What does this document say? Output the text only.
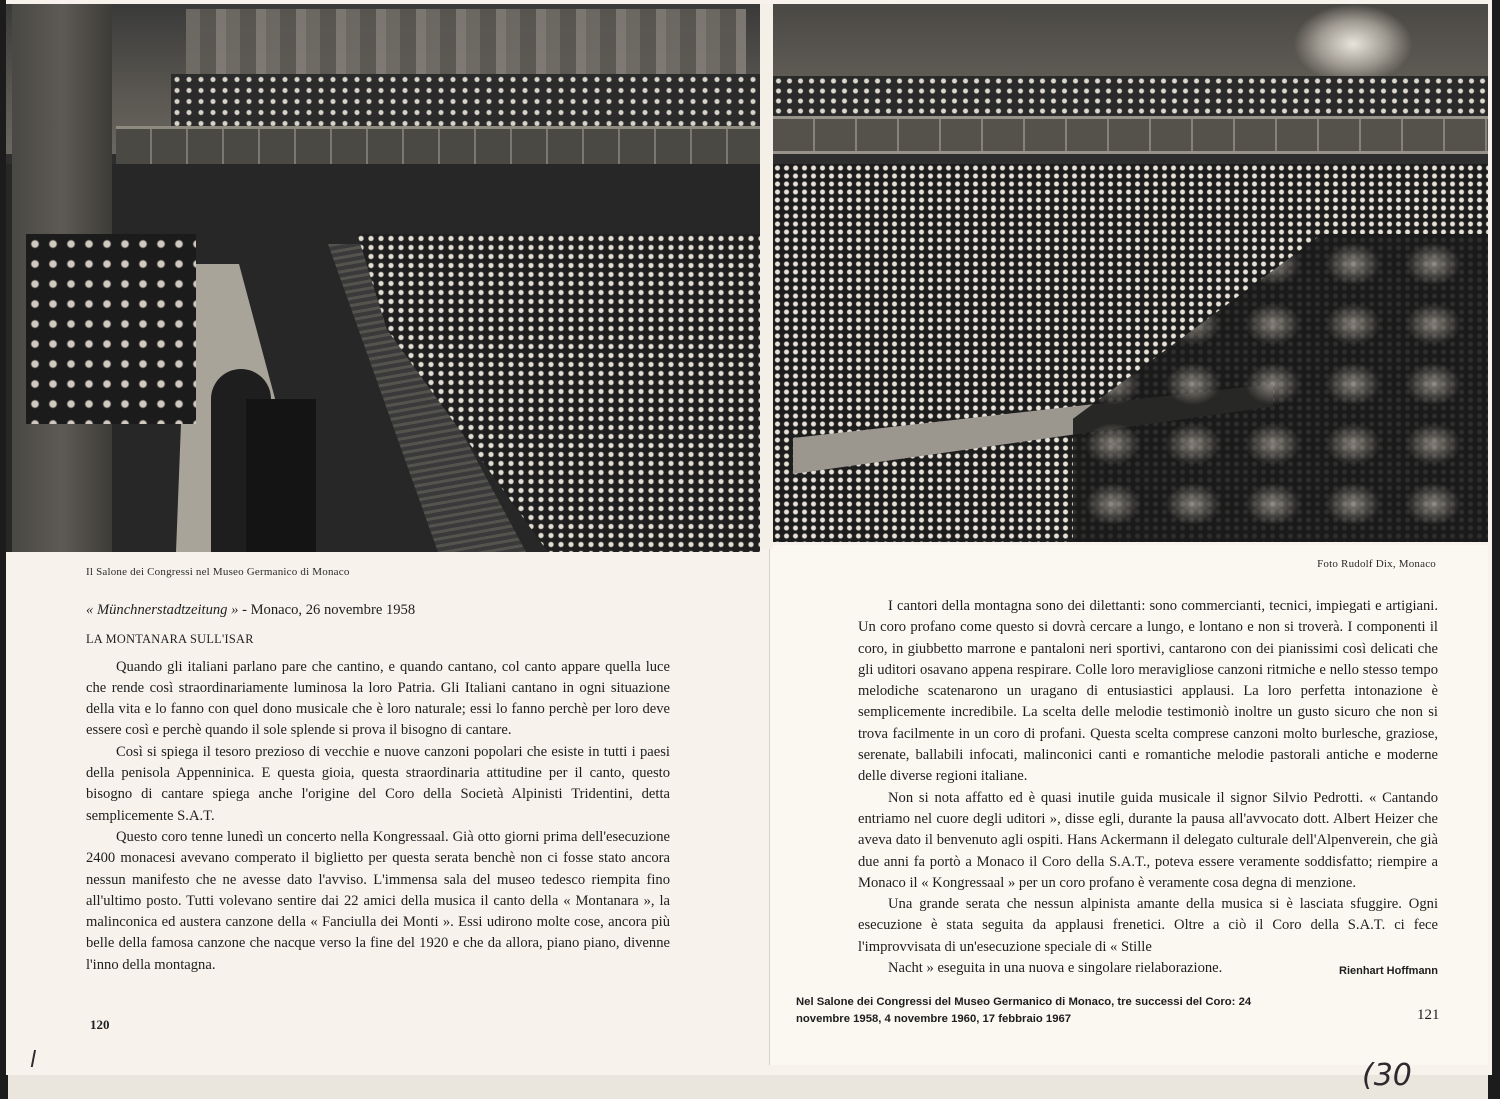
Il Salone dei Congressi nel Museo Germanico di Monaco
Foto Rudolf Dix, Monaco
« Münchnerstadtzeitung » - Monaco, 26 novembre 1958
LA MONTANARA SULL'ISAR

Quando gli italiani parlano pare che cantino, e quando cantano, col canto appare quella luce che rende così straordinariamente luminosa la loro Patria. Gli Italiani cantano in ogni situazione della vita e lo fanno con quel dono musicale che è loro naturale; essi lo fanno perchè per loro deve essere così e perchè quando il sole splende si prova il bisogno di cantare.

Così si spiega il tesoro prezioso di vecchie e nuove canzoni popolari che esiste in tutti i paesi della penisola Appenninica. E questa gioia, questa straordinaria attitudine per il canto, questo bisogno di cantare spiega anche l'origine del Coro della Società Alpinisti Tridentini, detta semplicemente S.A.T.

Questo coro tenne lunedì un concerto nella Kongressaal. Già otto giorni prima dell'esecuzione 2400 monacesi avevano comperato il biglietto per questa serata benchè non ci fosse stato ancora nessun manifesto che ne avesse dato l'avviso. L'immensa sala del museo tedesco riempita fino all'ultimo posto. Tutti volevano sentire dai 22 amici della musica il canto della « Montanara », la malinconica ed austera canzone della « Fanciulla dei Monti ». Essi udirono molte cose, ancora più belle della famosa canzone che nacque verso la fine del 1920 e che da allora, piano piano, divenne l'inno della montagna.

I cantori della montagna sono dei dilettanti: sono commercianti, tecnici, impiegati e artigiani. Un coro profano come questo si dovrà cercare a lungo, e lontano e non si troverà. I componenti il coro, in giubbetto marrone e pantaloni neri sportivi, cantarono con dei pianissimi così delicati che gli uditori osavano appena respirare. Colle loro meravigliose canzoni ritmiche e nello stesso tempo melodiche scatenarono un uragano di entusiastici applausi. La loro perfetta intonazione è semplicemente incredibile. La scelta delle melodie testimoniò inoltre un gusto sicuro che non si trova facilmente in un coro di profani. Questa scelta comprese canzoni molto burlesche, graziose, serenate, ballabili infocati, malinconici canti e romantiche melodie pastorali antiche e moderne delle diverse regioni italiane.

Non si nota affatto ed è quasi inutile guida musicale il signor Silvio Pedrotti. « Cantando entriamo nel cuore degli uditori », disse egli, durante la pausa all'avvocato dott. Albert Heizer che aveva dato il benvenuto agli ospiti. Hans Ackermann il delegato culturale dell'Alpenverein, che già due anni fa portò a Monaco il Coro della S.A.T., poteva essere veramente soddisfatto; riempire a Monaco il « Kongressaal » per un coro profano è veramente cosa degna di menzione.

Una grande serata che nessun alpinista amante della musica si è lasciata sfuggire. Ogni esecuzione è stata seguita da applausi frenetici. Oltre a ciò il Coro della S.A.T. ci fece l'improvvisata di un'esecuzione speciale di « Stille

Nacht » eseguita in una nuova e singolare rielaborazione.	Rienhart Hoffmann

120
Nel Salone dei Congressi del Museo Germanico di Monaco, tre successi del Coro: 24 novembre 1958, 4 novembre 1960, 17 febbraio 1967	121
(30
l
